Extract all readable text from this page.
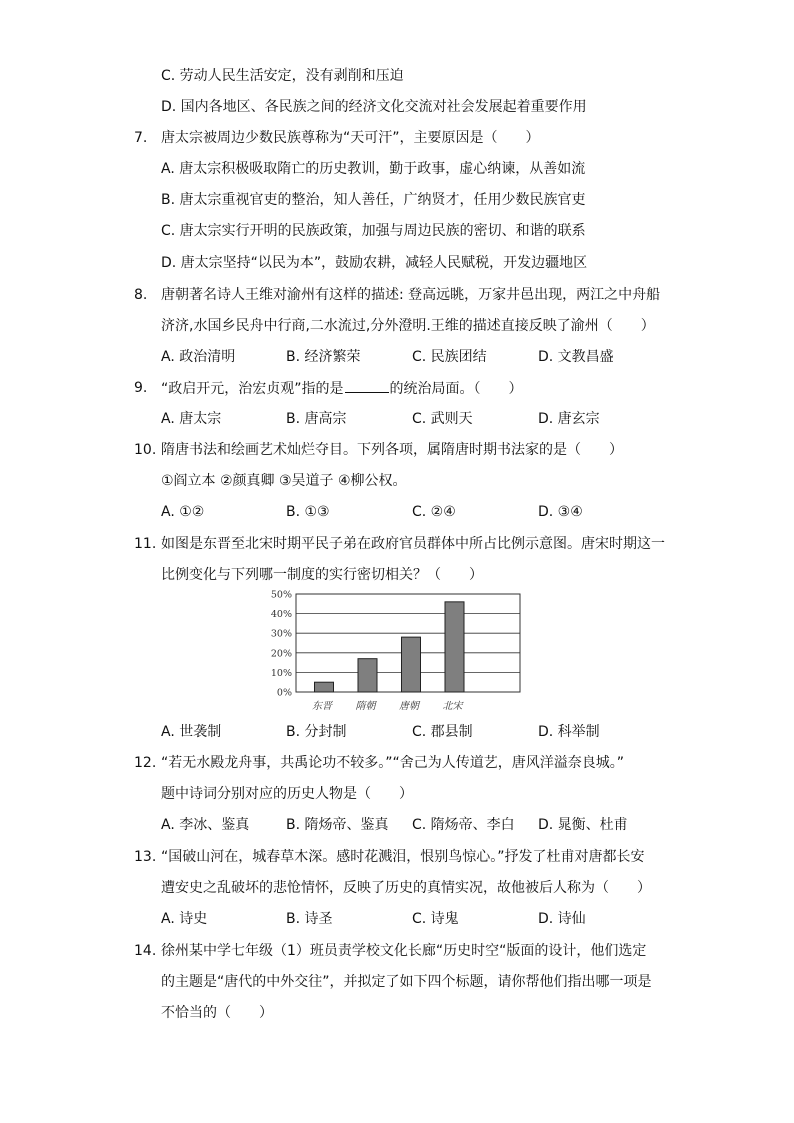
C. 劳动人民生活安定，没有剥削和压迫
D. 国内各地区、各民族之间的经济文化交流对社会发展起着重要作用
7. 唐太宗被周边少数民族尊称为“天可汗”，主要原因是（　　）
A. 唐太宗积极吸取隋亡的历史教训，勤于政事，虚心纳谏，从善如流
B. 唐太宗重视官吏的整治，知人善任，广纳贤才，任用少数民族官吏
C. 唐太宗实行开明的民族政策，加强与周边民族的密切、和谐的联系
D. 唐太宗坚持“以民为本”，鼓励农耕，减轻人民赋税，开发边疆地区
8. 唐朝著名诗人王维对渝州有这样的描述: 登高远眺，万家井邑出现，两江之中舟船
济济,水国乡民舟中行商,二水流过,分外澄明.王维的描述直接反映了渝州（　　）
A. 政治清明	B. 经济繁荣	C. 民族团结	D. 文教昌盛
9. “政启开元，治宏贞观”指的是	的统治局面。（　　）
A. 唐太宗	B. 唐高宗	C. 武则天	D. 唐玄宗
10. 隋唐书法和绘画艺术灿烂夺目。下列各项，属隋唐时期书法家的是（　　）
①阎立本 ②颜真卿 ③吴道子 ④柳公权。
A. ①②	B. ①③	C. ②④	D. ③④
11. 如图是东晋至北宋时期平民子弟在政府官员群体中所占比例示意图。唐宋时期这一
比例变化与下列哪一制度的实行密切相关？（　　）
0%
10%
20%
30%
40%
50%
东晋 隋朝 唐朝 北宋
A. 世袭制	B. 分封制	C. 郡县制	D. 科举制
12. “若无水殿龙舟事，共禹论功不较多。”“舍己为人传道艺，唐风洋溢奈良城。”
题中诗词分别对应的历史人物是（　　）
A. 李冰、鉴真	B. 隋炀帝、鉴真 C. 隋炀帝、李白 D. 晁衡、杜甫
13. “国破山河在，城春草木深。感时花溅泪，恨别鸟惊心。”抒发了杜甫对唐都长安
遭安史之乱破坏的悲怆情怀，反映了历史的真情实况，故他被后人称为（　　）
A. 诗史	B. 诗圣	C. 诗鬼	D. 诗仙
14. 徐州某中学七年级（1）班员责学校文化长廊“历史时空“版面的设计，他们选定
的主题是“唐代的中外交往”，并拟定了如下四个标题，请你帮他们指出哪一项是
不恰当的（　　）
